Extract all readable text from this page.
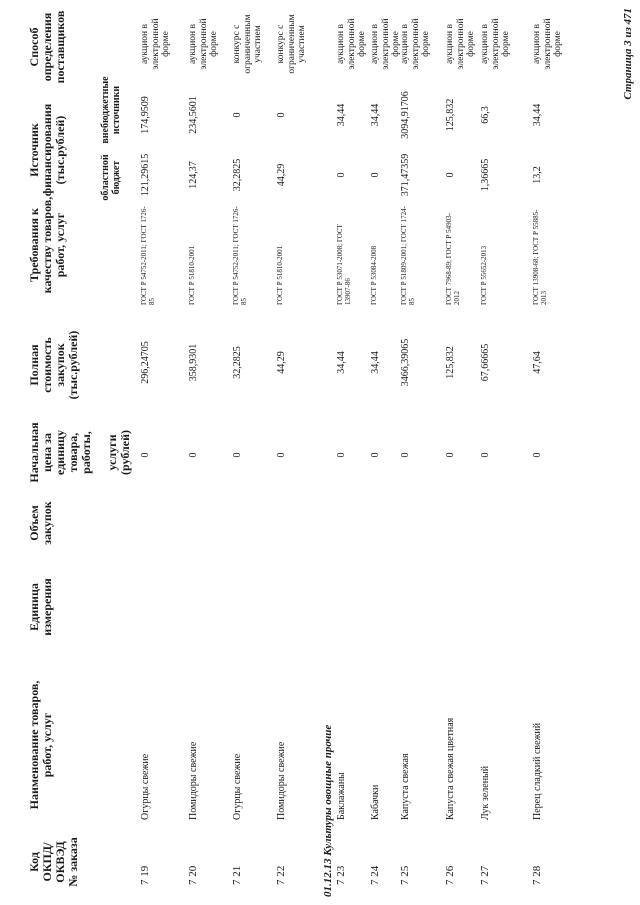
Код
ОКПД/
ОКВЭД
№ заказа
Наименование товаров,
работ, услуг
Единица
измерения
Объем
закупок
Начальная
цена за
единицу
товара,
работы,

услуги
(рублей)
Полная
стоимость
закупок
(тыс.рублей)
Требования к
качеству товаров,
работ, услуг
Источник
финансирования
(тыс.рублей)	областной
бюджет
внебюджетные
источники
Способ
определения
поставщиков
01.12.13 Культуры овощные прочие
7 19
Огурцы свежие
0
296,24705
ГОСТ Р 54752-2011; ГОСТ 1726-85
121,29615
174,9509
аукцион в электронной форме
7 20
Помидоры свежие
0
358,9301
ГОСТ Р 51810-2001
124,37
234,5601
аукцион в электронной форме
7 21
Огурцы свежие
0
32,2825
ГОСТ Р 54752-2011; ГОСТ 1726-85
32,2825
0
конкурс с ограниченным участием
7 22
Помидоры свежие
0
44,29
ГОСТ Р 51810-2001
44,29
0
конкурс с ограниченным участием
7 23
Баклажаны
0
34,44
ГОСТ Р 53071-2008; ГОСТ 13907-86
0
34,44
аукцион в электронной форме
7 24
Кабачки
0
34,44
ГОСТ Р 53084-2008
0
34,44
аукцион в электронной форме
7 25
Капуста свежая
0
3466,39065
ГОСТ Р 51809-2001; ГОСТ 1724-85
371,47359
3094,91706
аукцион в электронной форме
7 26
Капуста свежая цветная
0
125,832
ГОСТ 7968-89; ГОСТ Р 54903-2012
0
125,832
аукцион в электронной форме
7 27
Лук зеленый
0
67,66665
ГОСТ Р 55652-2013
1,36665
66,3
аукцион в электронной форме
7 28
Перец сладкий свежий
0
47,64
ГОСТ 13908-68; ГОСТ Р 55885-2013
13,2
34,44
аукцион в электронной форме	Страница 3 из 471
